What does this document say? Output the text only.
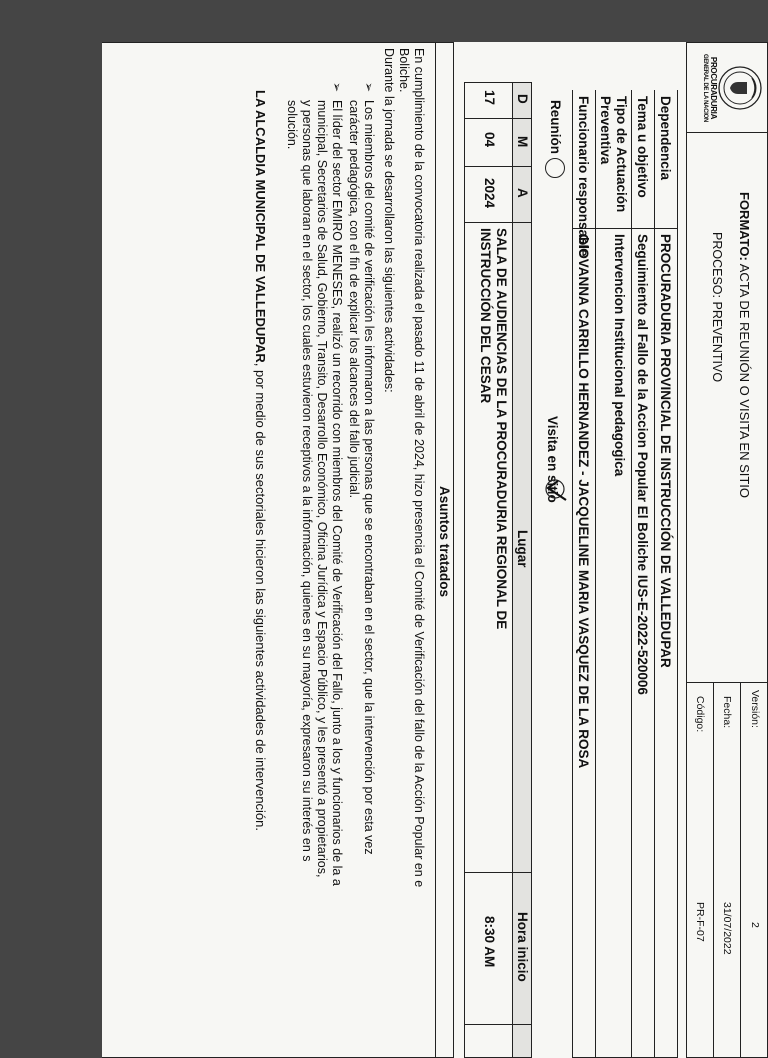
PROCURADURIA
GENERAL DE LA NACION
FORMATO: ACTA DE REUNIÓN O VISITA EN SITIO
PROCESO: PREVENTIVO
Versión:
2
Fecha:
31/07/2022
Código:
PR-F-07
Dependencia
PROCURADURIA PROVINCIAL DE INSTRUCCIÓN DE VALLEDUPAR
Tema u objetivo
Seguimiento al Fallo de la Accion Popular El Boliche IUS-E-2022-520006
Tipo de Actuación
Preventiva
Intervencion Institucional pedagogica
Funcionario responsable
GIOVANNA CARRILLO HERNANDEZ - JACQUELINE MARIA VASQUEZ DE LA ROSA
Reunión
Visita en sitio
D
M
A
Lugar
Hora inicio
17
04
2024
SALA DE AUDIENCIAS DE LA PROCURADURIA REGIONAL DE
INSTRUCCIÓN DEL CESAR
8:30 AM
Asuntos tratados
En cumplimiento de la convocatoria realizada el pasado 11 de abril de 2024, hizo presencia el Comité de Verificación del fallo de la Acción Popular en e
Boliche.
Durante la jornada se desarrollaron las siguientes actividades:
➢
Los miembros del comité de verificación les informaron a las personas que se encontraban en el sector, que la intervención por esta vez
carácter pedagógica, con el fin de explicar los alcances del fallo judicial.
➢
El líder del sector EMIRO MENESES, realizó un recorrido con miembros del Comité de Verificación del Fallo, junto a los y funcionarios de la a
municipal, Secretarios de Salud, Gobierno, Transito, Desarrollo Económico, Oficina Jurídica y Espacio Público, y les presentó a propietarios,
y personas que laboran en el sector, los cuales estuvieron receptivos a la información, quienes en su mayoría, expresaron su interés en s
solución.
LA ALCALDIA MUNICIPAL DE VALLEDUPAR, por medio de sus sectoriales hicieron las siguientes actividades de intervención.
